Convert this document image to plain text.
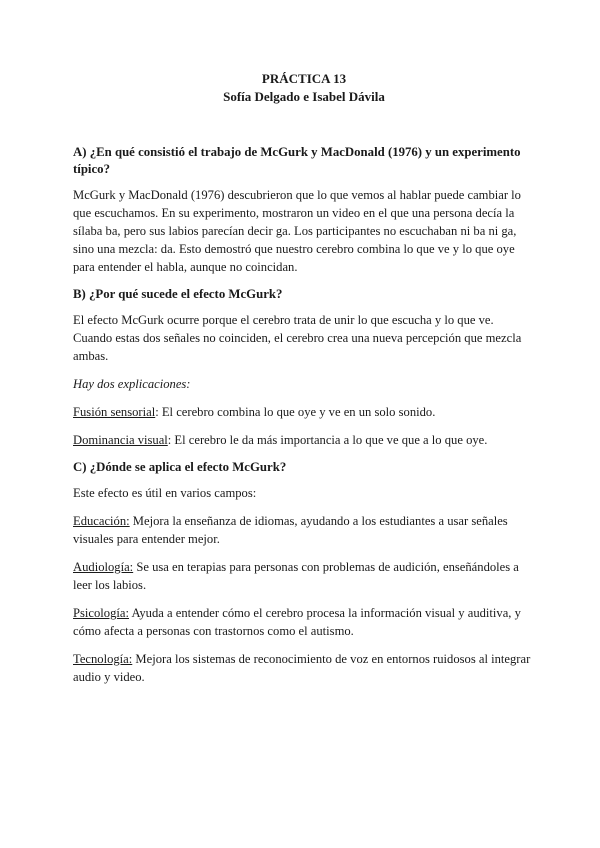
PRÁCTICA 13

Sofía Delgado e Isabel Dávila

A) ¿En qué consistió el trabajo de McGurk y MacDonald (1976) y un experimento típico?

McGurk y MacDonald (1976) descubrieron que lo que vemos al hablar puede cambiar lo que escuchamos. En su experimento, mostraron un video en el que una persona decía la sílaba ba, pero sus labios parecían decir ga. Los participantes no escuchaban ni ba ni ga, sino una mezcla: da. Esto demostró que nuestro cerebro combina lo que ve y lo que oye para entender el habla, aunque no coincidan.

B) ¿Por qué sucede el efecto McGurk?

El efecto McGurk ocurre porque el cerebro trata de unir lo que escucha y lo que ve. Cuando estas dos señales no coinciden, el cerebro crea una nueva percepción que mezcla ambas.

Hay dos explicaciones:

Fusión sensorial: El cerebro combina lo que oye y ve en un solo sonido.

Dominancia visual: El cerebro le da más importancia a lo que ve que a lo que oye.

C) ¿Dónde se aplica el efecto McGurk?

Este efecto es útil en varios campos:

Educación: Mejora la enseñanza de idiomas, ayudando a los estudiantes a usar señales visuales para entender mejor.

Audiología: Se usa en terapias para personas con problemas de audición, enseñándoles a leer los labios.

Psicología: Ayuda a entender cómo el cerebro procesa la información visual y auditiva, y cómo afecta a personas con trastornos como el autismo.

Tecnología: Mejora los sistemas de reconocimiento de voz en entornos ruidosos al integrar audio y video.
